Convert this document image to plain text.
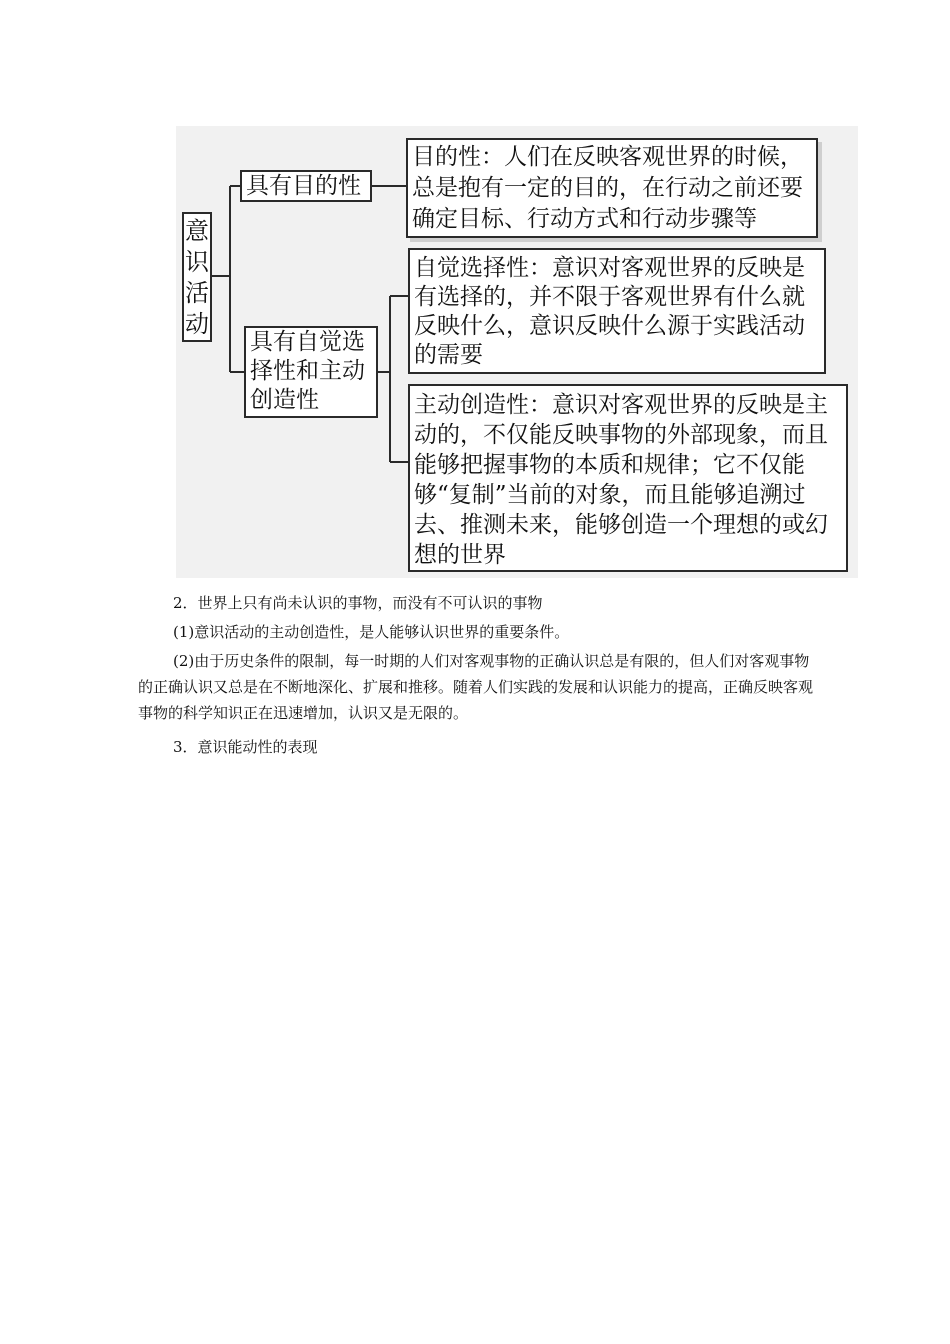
意
识
活
动
具有目的性
具有自觉选择性和主动创造性
目的性：人们在反映客观世界的时候，总是抱有一定的目的，在行动之前还要确定目标、行动方式和行动步骤等
自觉选择性：意识对客观世界的反映是有选择的，并不限于客观世界有什么就反映什么，意识反映什么源于实践活动的需要
主动创造性：意识对客观世界的反映是主动的，不仅能反映事物的外部现象，而且能够把握事物的本质和规律；它不仅能够“复制”当前的对象，而且能够追溯过去、推测未来，能够创造一个理想的或幻想的世界

2．世界上只有尚未认识的事物，而没有不可认识的事物

(1)意识活动的主动创造性，是人能够认识世界的重要条件。

(2)由于历史条件的限制，每一时期的人们对客观事物的正确认识总是有限的，但人们对客观事物的正确认识又总是在不断地深化、扩展和推移。随着人们实践的发展和认识能力的提高，正确反映客观事物的科学知识正在迅速增加，认识又是无限的。

3．意识能动性的表现
